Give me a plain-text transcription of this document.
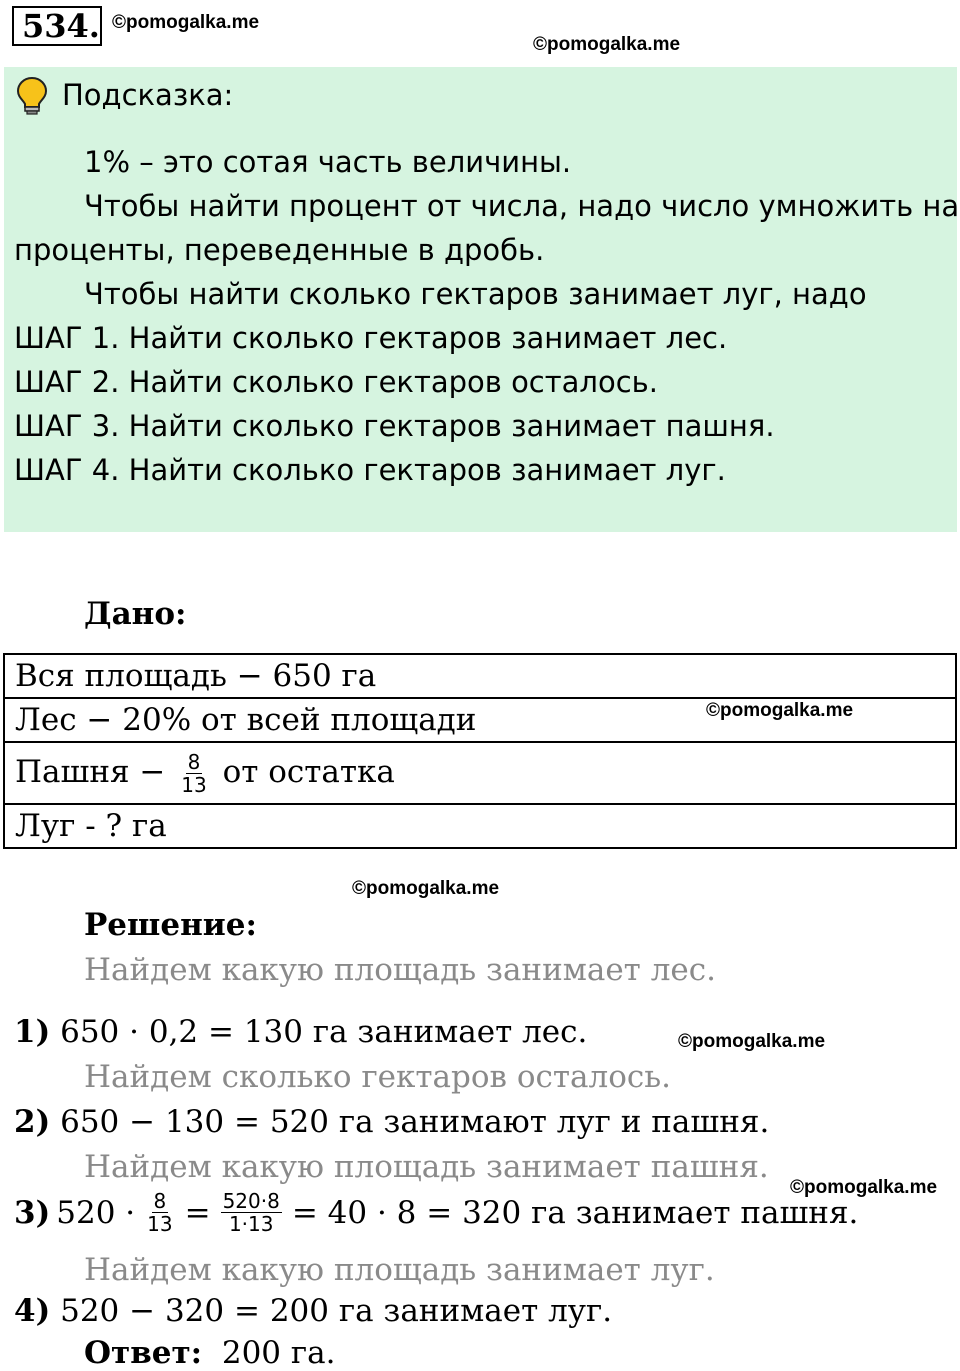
534. ©pomogalka.me
©pomogalka.me
Подсказка:
1% – это сотая часть величины.
Чтобы найти процент от числа, надо число умножить на
проценты, переведенные в дробь.
Чтобы найти сколько гектаров занимает луг, надо
ШАГ 1. Найти сколько гектаров занимает лес.
ШАГ 2. Найти сколько гектаров осталось.
ШАГ 3. Найти сколько гектаров занимает пашня.
ШАГ 4. Найти сколько гектаров занимает луг.
Дано:
Вся площадь − 650 га
Лес − 20% от всей площади
Пашня − $\frac{8}{13}$ от остатка
Луг - ? га
©pomogalka.me
©pomogalka.me
Решение:
Найдем какую площадь занимает лес.
1) 650 · 0,2 = 130 га занимает лес.	©pomogalka.me
Найдем сколько гектаров осталось.
2) 650 − 130 = 520 га занимают луг и пашня.
Найдем какую площадь занимает пашня.
©pomogalka.me
3) $520 \cdot \frac{8}{13} = \frac{520\cdot 8}{1\cdot 13} = 40 \cdot 8 = 320$ га занимает пашня.
Найдем какую площадь занимает луг.
4) 520 − 320 = 200 га занимает луг.
Ответ: 200 га.
